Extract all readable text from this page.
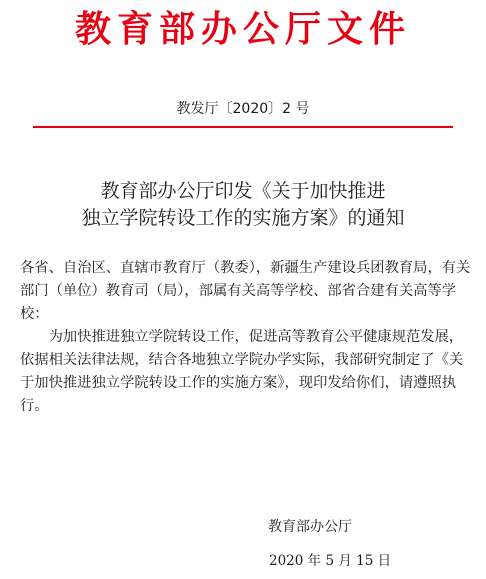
教育部办公厅文件
教发厅〔2020〕2 号
教育部办公厅印发《关于加快推进
独立学院转设工作的实施方案》的通知

各省、自治区、直辖市教育厅（教委），新疆生产建设兵团教育局，有关部门（单位）教育司（局），部属有关高等学校、部省合建有关高等学校：

为加快推进独立学院转设工作，促进高等教育公平健康规范发展，依据相关法律法规，结合各地独立学院办学实际，我部研究制定了《关于加快推进独立学院转设工作的实施方案》，现印发给你们，请遵照执行。

教育部办公厅
2020 年 5 月 15 日
